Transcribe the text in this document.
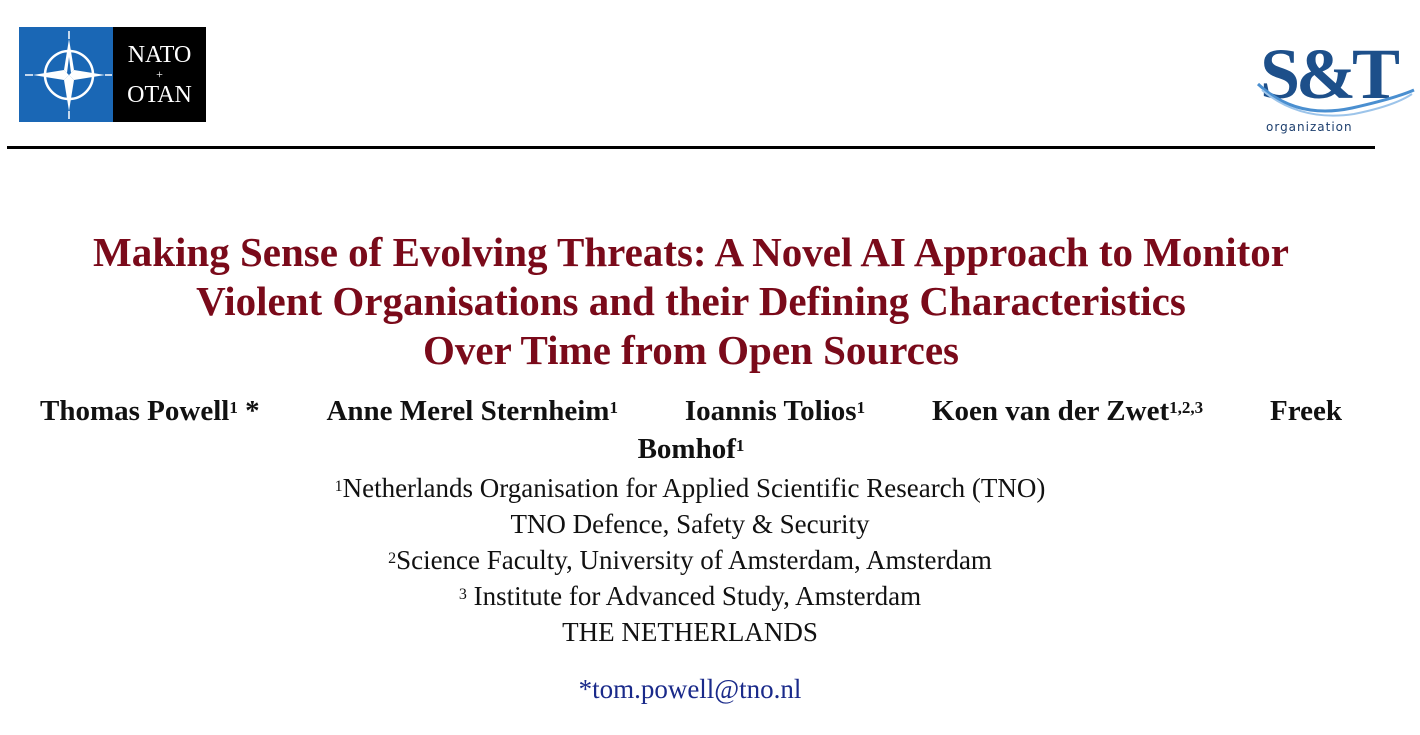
NATO
+
OTAN	S&T
organization
Making Sense of Evolving Threats: A Novel AI Approach to Monitor
Violent Organisations and their Defining Characteristics
Over Time from Open Sources
Thomas Powell$^1$ * Anne Merel Sternheim$^1$ Ioannis Tolios$^1$ Koen van der Zwet$^{1,2,3}$ Freek
Bomhof$^1$
$^1$Netherlands Organisation for Applied Scientific Research (TNO)
TNO Defence, Safety & Security
$^2$Science Faculty, University of Amsterdam, Amsterdam
$^3$ Institute for Advanced Study, Amsterdam
THE NETHERLANDS
*tom.powell@tno.nl
